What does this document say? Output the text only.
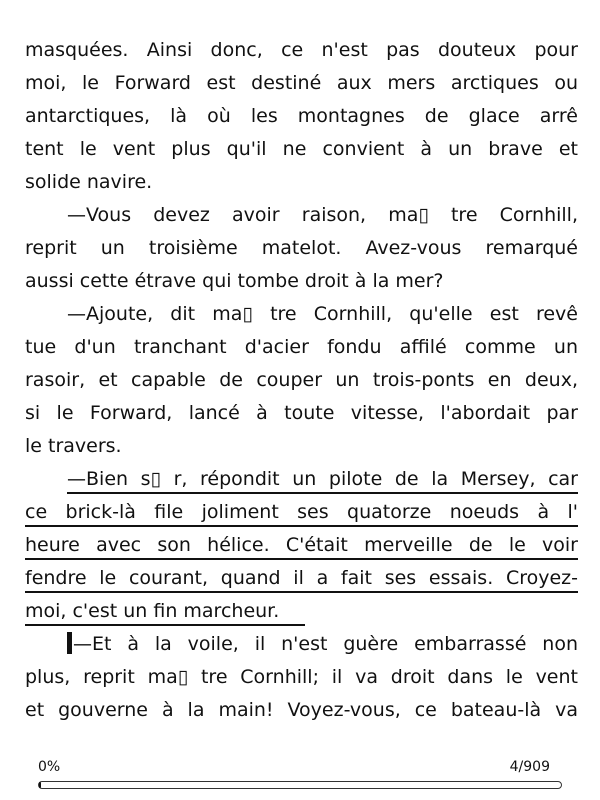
masquées. Ainsi donc, ce n'est pas douteux pour
moi, le Forward est destiné aux mers arctiques ou
antarctiques, là où les montagnes de glace arrê
tent le vent plus qu'il ne convient à un brave et
solide navire.
—Vous devez avoir raison, ma▯ tre Cornhill,
reprit un troisième matelot. Avez-vous remarqué
aussi cette étrave qui tombe droit à la mer?
—Ajoute, dit ma▯ tre Cornhill, qu'elle est revê
tue d'un tranchant d'acier fondu affilé comme un
rasoir, et capable de couper un trois-ponts en deux,
si le Forward, lancé à toute vitesse, l'abordait par
le travers.
—Bien s▯ r, répondit un pilote de la Mersey, car
ce brick-là file joliment ses quatorze noeuds à l'
heure avec son hélice. C'était merveille de le voir
fendre le courant, quand il a fait ses essais. Croyez-
moi, c'est un fin marcheur.
—Et à la voile, il n'est guère embarrassé non
plus, reprit ma▯ tre Cornhill; il va droit dans le vent
et gouverne à la main! Voyez-vous, ce bateau-là va
0%	4/909
